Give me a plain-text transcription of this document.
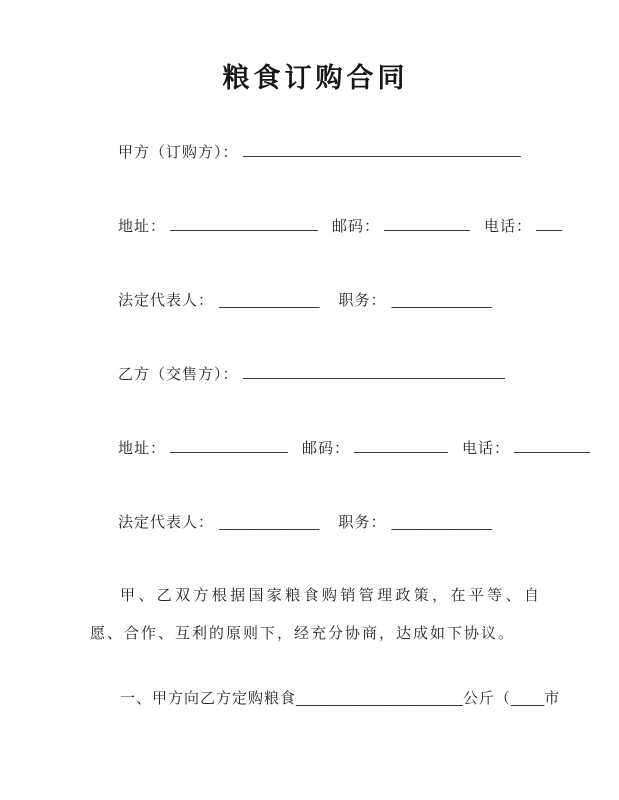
粮食订购合同
甲方（订购方）：
地址：	邮码：	电话：
法定代表人： ____________ 职务： ____________
乙方（交售方）：
地址：	邮码：	电话：
法定代表人： ____________ 职务： ____________

甲、乙双方根据国家粮食购销管理政策，在平等、自愿、合作、互利的原则下，经充分协商，达成如下协议。

一、甲方向乙方定购粮食____________________公斤（____市
